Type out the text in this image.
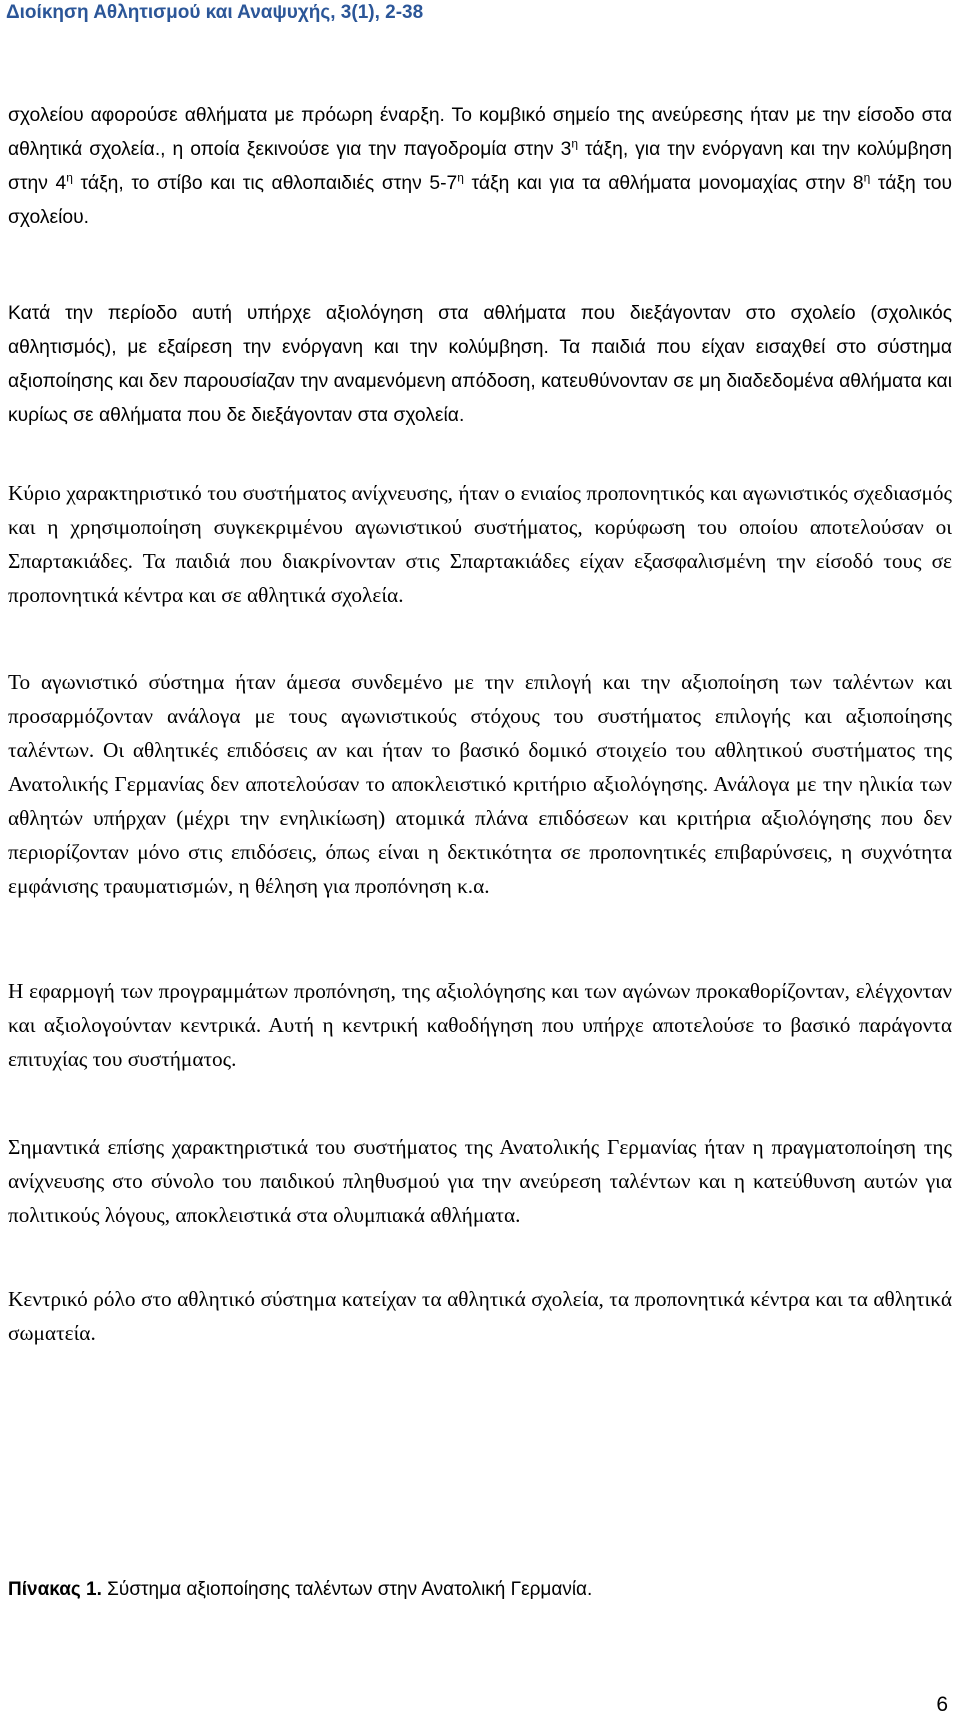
Διοίκηση Αθλητισμού και Αναψυχής, 3(1), 2-38

σχολείου αφορούσε αθλήματα με πρόωρη έναρξη. Το κομβικό σημείο της ανεύρεσης ήταν με την είσοδο στα αθλητικά σχολεία., η οποία ξεκινούσε για την παγοδρομία στην $3^\eta$ τάξη, για την ενόργανη και την κολύμβηση στην $4^\eta$ τάξη, το στίβο και τις αθλοπαιδιές στην $5-7^\eta$ τάξη και για τα αθλήματα μονομαχίας στην $8^\eta$ τάξη του σχολείου.

Κατά την περίοδο αυτή υπήρχε αξιολόγηση στα αθλήματα που διεξάγονταν στο σχολείο (σχολικός αθλητισμός), με εξαίρεση την ενόργανη και την κολύμβηση. Τα παιδιά που είχαν εισαχθεί στο σύστημα αξιοποίησης και δεν παρουσίαζαν την αναμενόμενη απόδοση, κατευθύνονταν σε μη διαδεδομένα αθλήματα και κυρίως σε αθλήματα που δε διεξάγονταν στα σχολεία.

Κύριο χαρακτηριστικό του συστήματος ανίχνευσης, ήταν ο ενιαίος προπονητικός και αγωνιστικός σχεδιασμός και η χρησιμοποίηση συγκεκριμένου αγωνιστικού συστήματος, κορύφωση του οποίου αποτελούσαν οι Σπαρτακιάδες. Τα παιδιά που διακρίνονταν στις Σπαρτακιάδες είχαν εξασφαλισμένη την είσοδό τους σε προπονητικά κέντρα και σε αθλητικά σχολεία.

Το αγωνιστικό σύστημα ήταν άμεσα συνδεμένο με την επιλογή και την αξιοποίηση των ταλέντων και προσαρμόζονταν ανάλογα με τους αγωνιστικούς στόχους του συστήματος επιλογής και αξιοποίησης ταλέντων. Οι αθλητικές επιδόσεις αν και ήταν το βασικό δομικό στοιχείο του αθλητικού συστήματος της Ανατολικής Γερμανίας δεν αποτελούσαν το αποκλειστικό κριτήριο αξιολόγησης. Ανάλογα με την ηλικία των αθλητών υπήρχαν (μέχρι την ενηλικίωση) ατομικά πλάνα επιδόσεων και κριτήρια αξιολόγησης που δεν περιορίζονταν μόνο στις επιδόσεις, όπως είναι η δεκτικότητα σε προπονητικές επιβαρύνσεις, η συχνότητα εμφάνισης τραυματισμών, η θέληση για προπόνηση κ.α.

Η εφαρμογή των προγραμμάτων προπόνηση, της αξιολόγησης και των αγώνων προκαθορίζονταν, ελέγχονταν και αξιολογούνταν κεντρικά. Αυτή η κεντρική καθοδήγηση που υπήρχε αποτελούσε το βασικό παράγοντα επιτυχίας του συστήματος.

Σημαντικά επίσης χαρακτηριστικά του συστήματος της Ανατολικής Γερμανίας ήταν η πραγματοποίηση της ανίχνευσης στο σύνολο του παιδικού πληθυσμού για την ανεύρεση ταλέντων και η κατεύθυνση αυτών για πολιτικούς λόγους, αποκλειστικά στα ολυμπιακά αθλήματα.

Κεντρικό ρόλο στο αθλητικό σύστημα κατείχαν τα αθλητικά σχολεία, τα προπονητικά κέντρα και τα αθλητικά σωματεία.

Πίνακας 1. Σύστημα αξιοποίησης ταλέντων στην Ανατολική Γερμανία.
6
